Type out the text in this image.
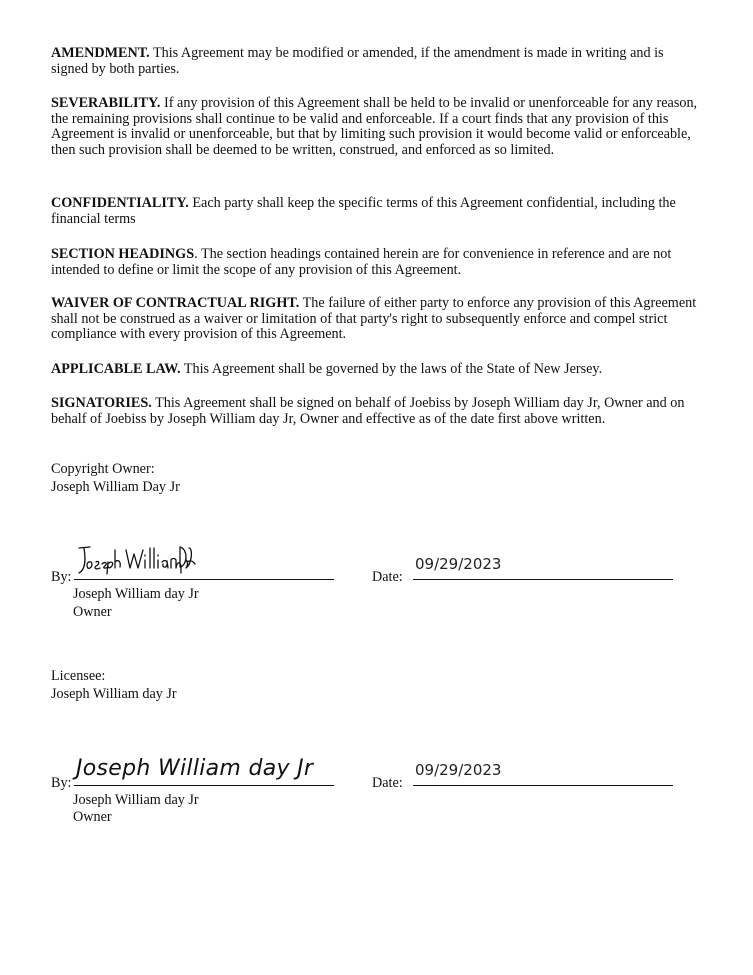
AMENDMENT. This Agreement may be modified or amended, if the amendment is made in writing and is signed by both parties.

SEVERABILITY. If any provision of this Agreement shall be held to be invalid or unenforceable for any reason, the remaining provisions shall continue to be valid and enforceable. If a court finds that any provision of this Agreement is invalid or unenforceable, but that by limiting such provision it would become valid or enforceable, then such provision shall be deemed to be written, construed, and enforced as so limited.

CONFIDENTIALITY. Each party shall keep the specific terms of this Agreement confidential, including the financial terms

SECTION HEADINGS. The section headings contained herein are for convenience in reference and are not intended to define or limit the scope of any provision of this Agreement.

WAIVER OF CONTRACTUAL RIGHT. The failure of either party to enforce any provision of this Agreement shall not be construed as a waiver or limitation of that party's right to subsequently enforce and compel strict compliance with every provision of this Agreement.

APPLICABLE LAW. This Agreement shall be governed by the laws of the State of New Jersey.

SIGNATORIES. This Agreement shall be signed on behalf of Joebiss by Joseph William day Jr, Owner and on behalf of Joebiss by Joseph William day Jr, Owner and effective as of the date first above written.

Copyright Owner:
Joseph William Day Jr
By:	Date:
09/29/2023
Joseph William day Jr
Owner
Licensee:
Joseph William day Jr
By:
Joseph William day Jr
Date:
09/29/2023
Joseph William day Jr
Owner
